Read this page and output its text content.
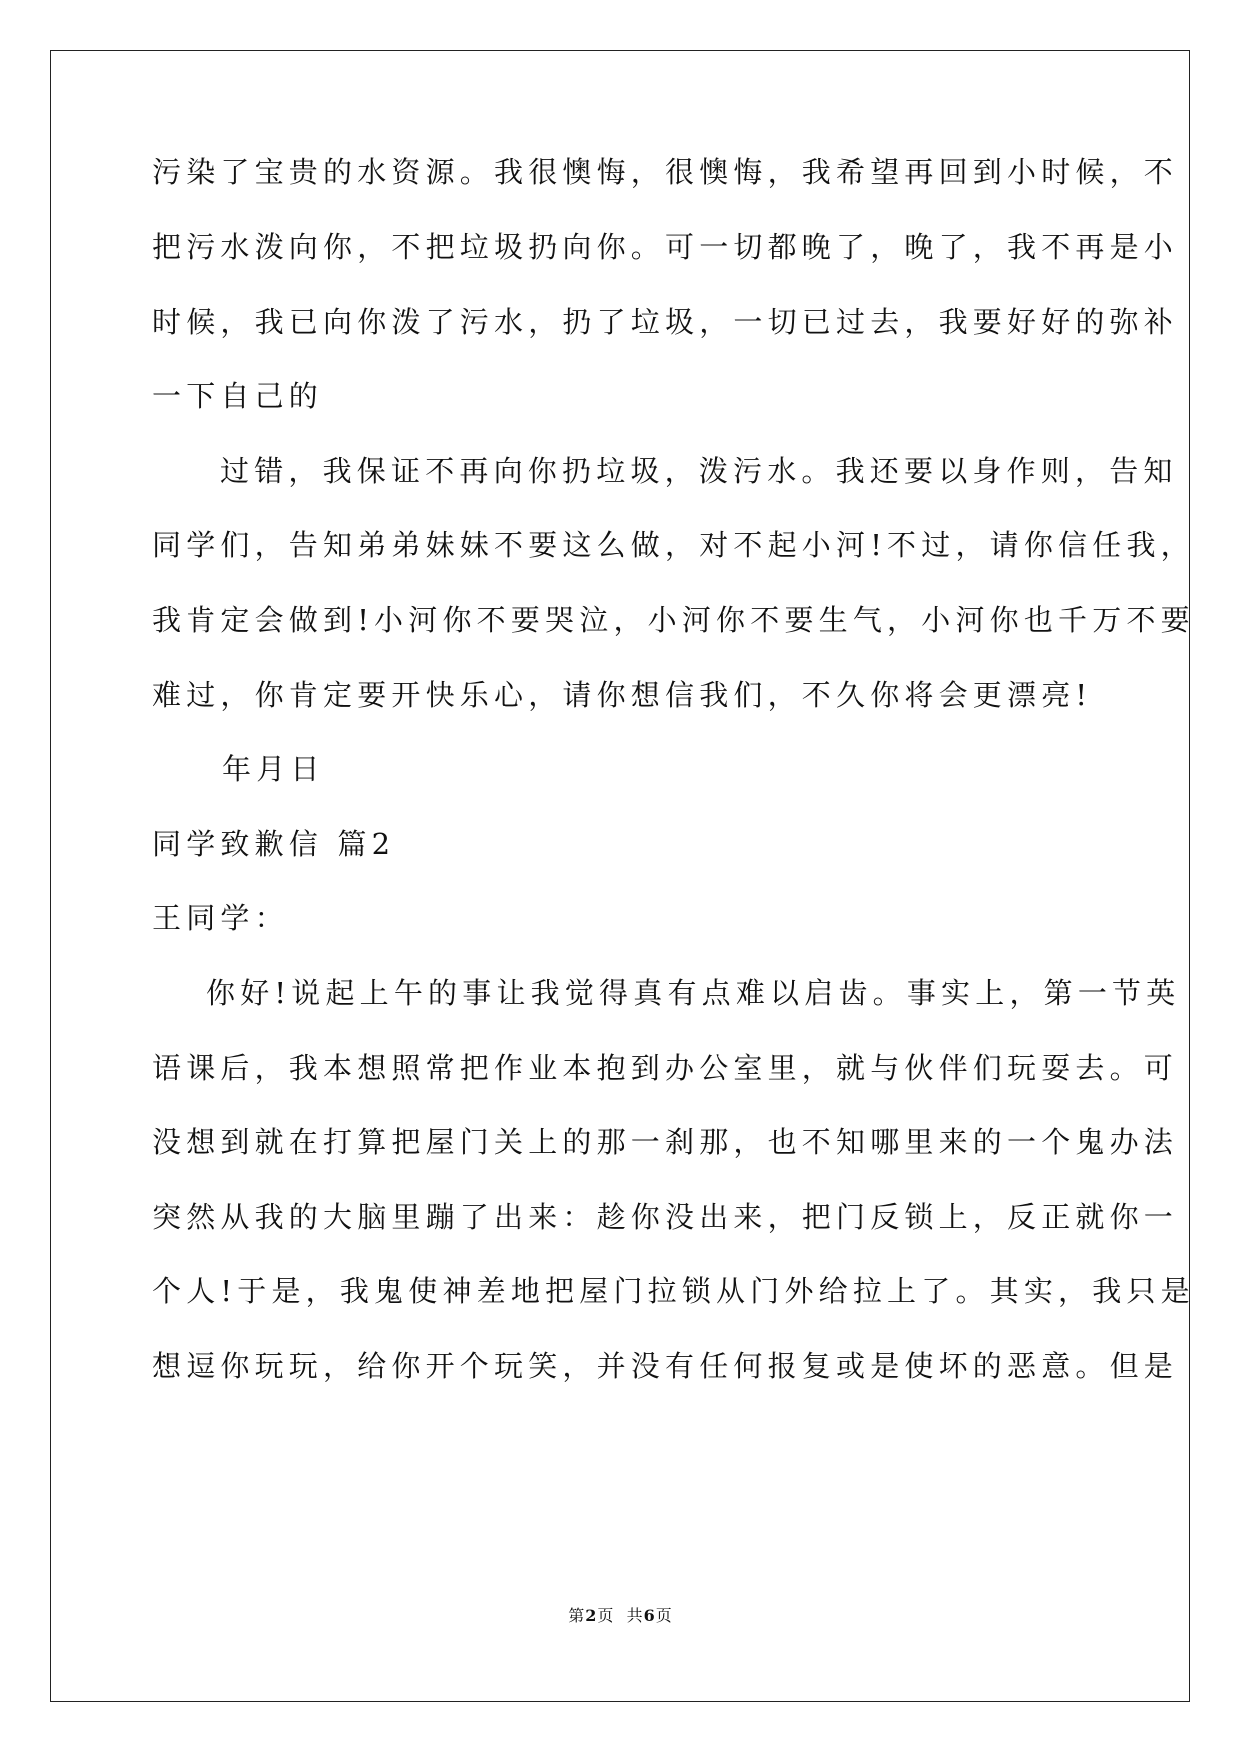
污染了宝贵的水资源。我很懊悔，很懊悔，我希望再回到小时候，不
把污水泼向你，不把垃圾扔向你。可一切都晚了，晚了，我不再是小
时候，我已向你泼了污水，扔了垃圾，一切已过去，我要好好的弥补
一下自己的
过错，我保证不再向你扔垃圾，泼污水。我还要以身作则，告知
同学们，告知弟弟妹妹不要这么做，对不起小河!不过，请你信任我，
我肯定会做到!小河你不要哭泣，小河你不要生气，小河你也千万不要
难过，你肯定要开快乐心，请你想信我们，不久你将会更漂亮!
年月日
同学致歉信 篇2
王同学：
你好!说起上午的事让我觉得真有点难以启齿。事实上，第一节英
语课后，我本想照常把作业本抱到办公室里，就与伙伴们玩耍去。可
没想到就在打算把屋门关上的那一刹那，也不知哪里来的一个鬼办法
突然从我的大脑里蹦了出来：趁你没出来，把门反锁上，反正就你一
个人!于是，我鬼使神差地把屋门拉锁从门外给拉上了。其实，我只是
想逗你玩玩，给你开个玩笑，并没有任何报复或是使坏的恶意。但是
第2页  共6页
